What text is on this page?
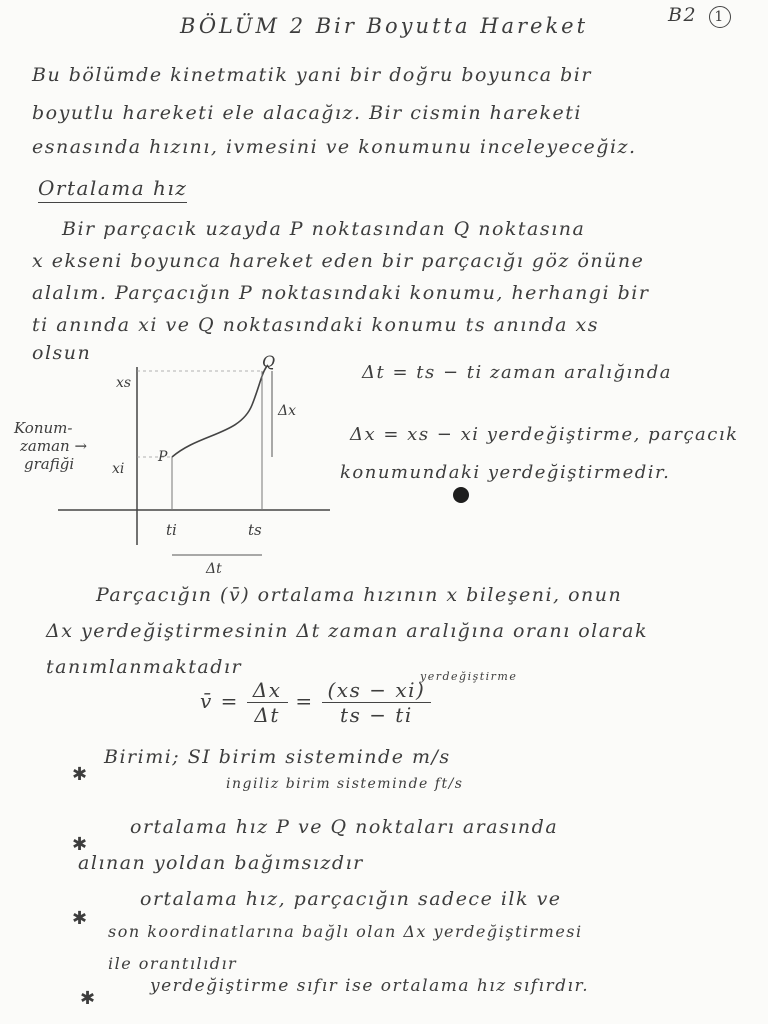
BÖLÜM 2 Bir Boyutta Hareket	B2 1
Bu bölümde kinetmatik yani bir doğru boyunca bir
boyutlu hareketi ele alacağız. Bir cismin hareketi
esnasında hızını, ivmesini ve konumunu inceleyeceğiz.
Ortalama hız
Bir parçacık uzayda P noktasından Q noktasına
x ekseni boyunca hareket eden bir parçacığı göz önüne
alalım. Parçacığın P noktasındaki konumu, herhangi bir
ti anında xi ve Q noktasındaki konumu ts anında xs
olsun
Konum-
zaman →
grafiği
xs
xi
P
Q
Δx
ti	ts
Δt
Δt = ts − ti zaman aralığında
Δx = xs − xi yerdeğiştirme, parçacık
konumundaki yerdeğiştirmedir.
Parçacığın (v̄) ortalama hızının x bileşeni, onun
Δx yerdeğiştirmesinin Δt zaman aralığına oranı olarak
tanımlanmaktadır
v̄ = $\frac{\Delta x}{\Delta t} = \frac{(xs - xi)}{ts - ti}$
yerdeğiştirme
✱
Birimi; SI birim sisteminde m/s
ingiliz birim sisteminde ft/s
✱
ortalama hız P ve Q noktaları arasında
alınan yoldan bağımsızdır
✱
ortalama hız, parçacığın sadece ilk ve
son koordinatlarına bağlı olan Δx yerdeğiştirmesi
ile orantılıdır
✱
yerdeğiştirme sıfır ise ortalama hız sıfırdır.
